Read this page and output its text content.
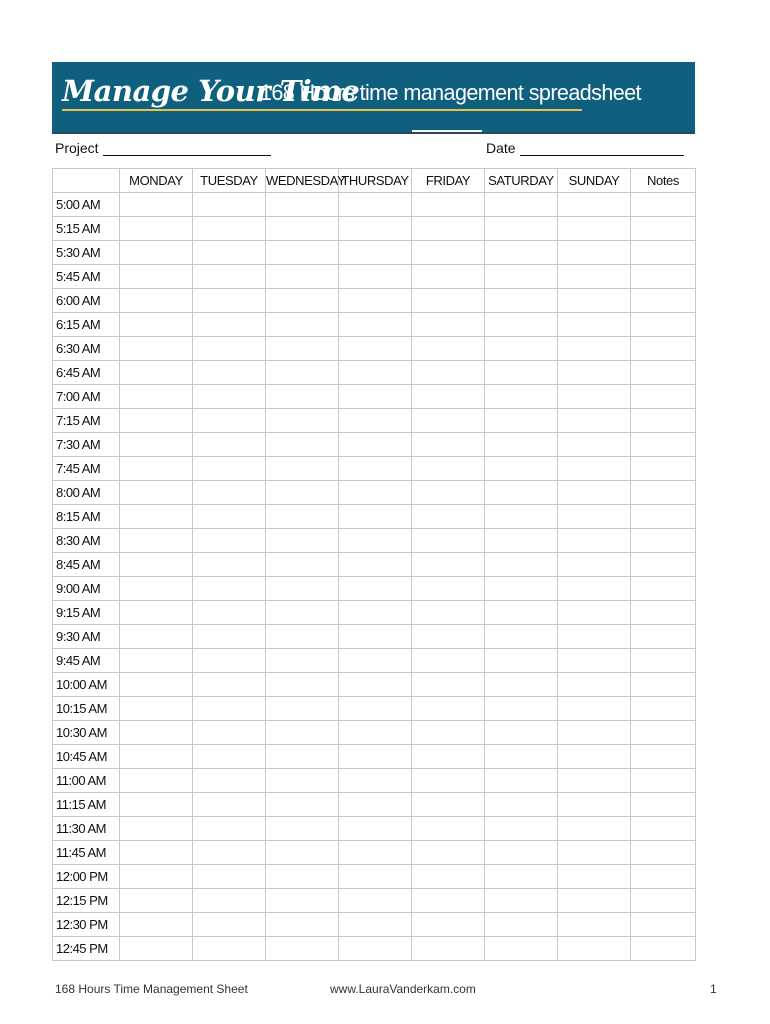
Manage Your Time
168 Hours time management spreadsheet
Project	Date
	MONDAY	TUESDAY	WEDNESDAY	THURSDAY	FRIDAY	SATURDAY	SUNDAY	Notes
5:00 AM								
5:15 AM								
5:30 AM								
5:45 AM								
6:00 AM								
6:15 AM								
6:30 AM								
6:45 AM								
7:00 AM								
7:15 AM								
7:30 AM								
7:45 AM								
8:00 AM								
8:15 AM								
8:30 AM								
8:45 AM								
9:00 AM								
9:15 AM								
9:30 AM								
9:45 AM								
10:00 AM								
10:15 AM								
10:30 AM								
10:45 AM								
11:00 AM								
11:15 AM								
11:30 AM								
11:45 AM								
12:00 PM								
12:15 PM								
12:30 PM								
12:45 PM								
168 Hours Time Management Sheet	www.LauraVanderkam.com	1
